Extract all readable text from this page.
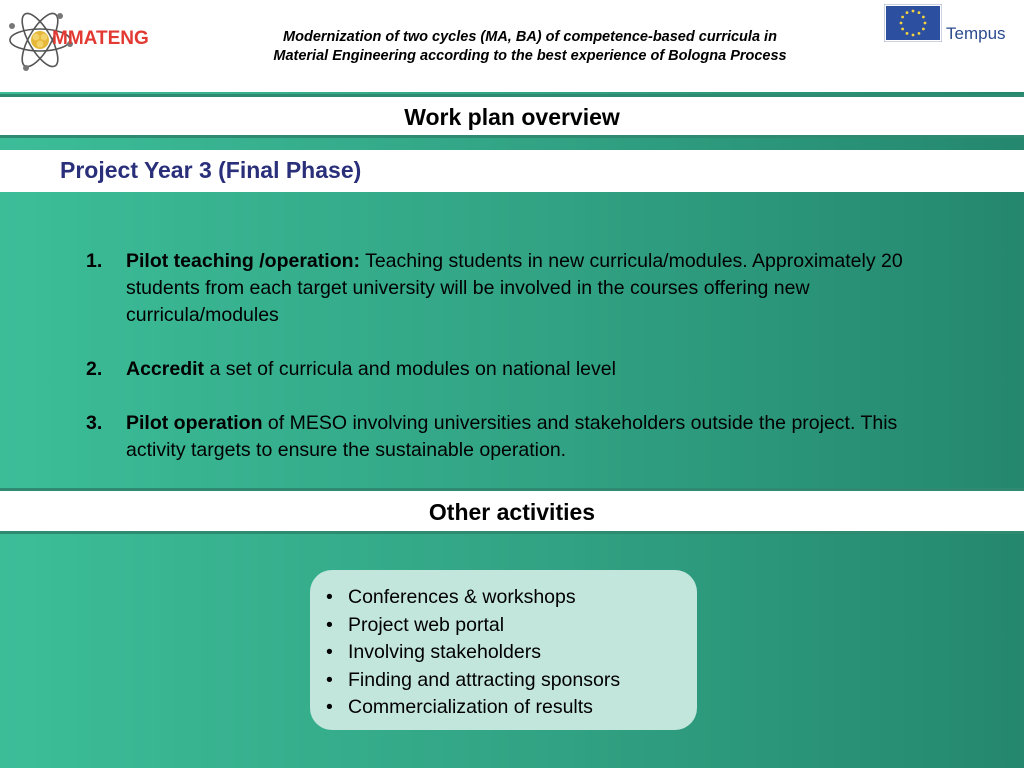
MMATENG	Modernization of two cycles (MA, BA) of competence-based curricula in
Material Engineering according to the best experience of Bologna Process
Tempus
Work plan overview
Project Year 3 (Final Phase)
1. Pilot teaching /operation: Teaching students in new curricula/modules. Approximately 20 students from each target university will be involved in the courses offering new curricula/modules
2. Accredit a set of curricula and modules on national level
3. Pilot operation of MESO involving universities and stakeholders outside the project. This activity targets to ensure the sustainable operation.
Other activities
• Conferences & workshops
• Project web portal
• Involving stakeholders
• Finding and attracting sponsors
• Commercialization of results
